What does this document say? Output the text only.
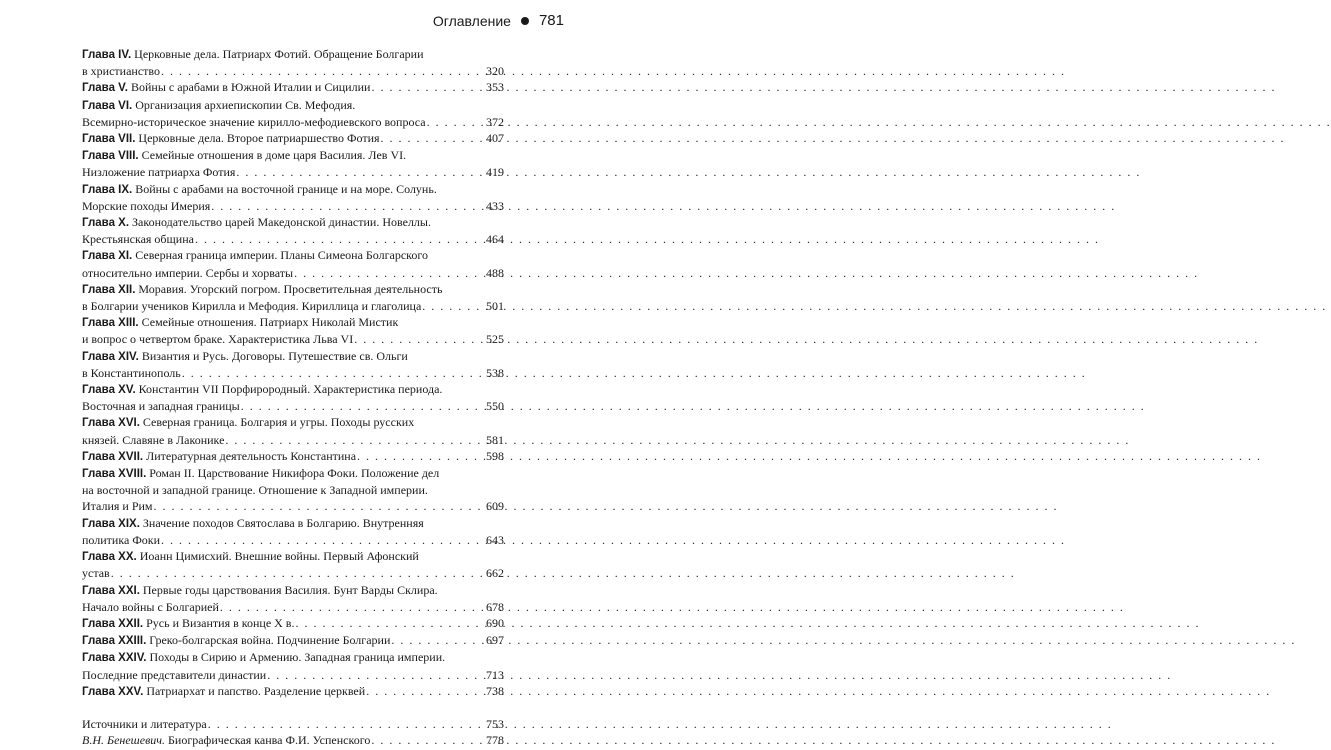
Оглавление 781
Глава IV. Церковные дела. Патриарх Фотий. Обращение Болгарии
в христианство . . .	320
Глава V. Войны с арабами в Южной Италии и Сицилии . . .	353
Глава VI. Организация архиепископии Св. Мефодия.
Всемирно-историческое значение кирилло-мефодиевского вопроса . . .	372
Глава VII. Церковные дела. Второе патриаршество Фотия . . .	407
Глава VIII. Семейные отношения в доме царя Василия. Лев VI.
Низложение патриарха Фотия . . .	419
Глава IX. Войны с арабами на восточной границе и на море. Солунь.
Морские походы Имерия . . .	433
Глава X. Законодательство царей Македонской династии. Новеллы.
Крестьянская община . . .	464
Глава XI. Северная граница империи. Планы Симеона Болгарского
относительно империи. Сербы и хорваты . . .	488
Глава XII. Моравия. Угорский погром. Просветительная деятельность
в Болгарии учеников Кирилла и Мефодия. Кириллица и глаголица . . .	501
Глава XIII. Семейные отношения. Патриарх Николай Мистик
и вопрос о четвертом браке. Характеристика Льва VI . . .	525
Глава XIV. Византия и Русь. Договоры. Путешествие св. Ольги
в Константинополь . . .	538
Глава XV. Константин VII Порфирородный. Характеристика периода.
Восточная и западная границы . . .	550
Глава XVI. Северная граница. Болгария и угры. Походы русских
князей. Славяне в Лаконике . . .	581
Глава XVII. Литературная деятельность Константина . . .	598
Глава XVIII. Роман II. Царствование Никифора Фоки. Положение дел
на восточной и западной границе. Отношение к Западной империи.
Италия и Рим . . .	609
Глава XIX. Значение походов Святослава в Болгарию. Внутренняя
политика Фоки . . .	643
Глава XX. Иоанн Цимисхий. Внешние войны. Первый Афонский
устав . . .	662
Глава XXI. Первые годы царствования Василия. Бунт Варды Склира.
Начало войны с Болгарией . . .	678
Глава XXII. Русь и Византия в конце X в. . . .	690
Глава XXIII. Греко-болгарская война. Подчинение Болгарии . . .	697
Глава XXIV. Походы в Сирию и Армению. Западная граница империи.
Последние представители династии . . .	713
Глава XXV. Патриархат и папство. Разделение церквей . . .	738
Источники и литература . . .	753
В.Н. Бенешевич. Биографическая канва Ф.И. Успенского . . .	778
